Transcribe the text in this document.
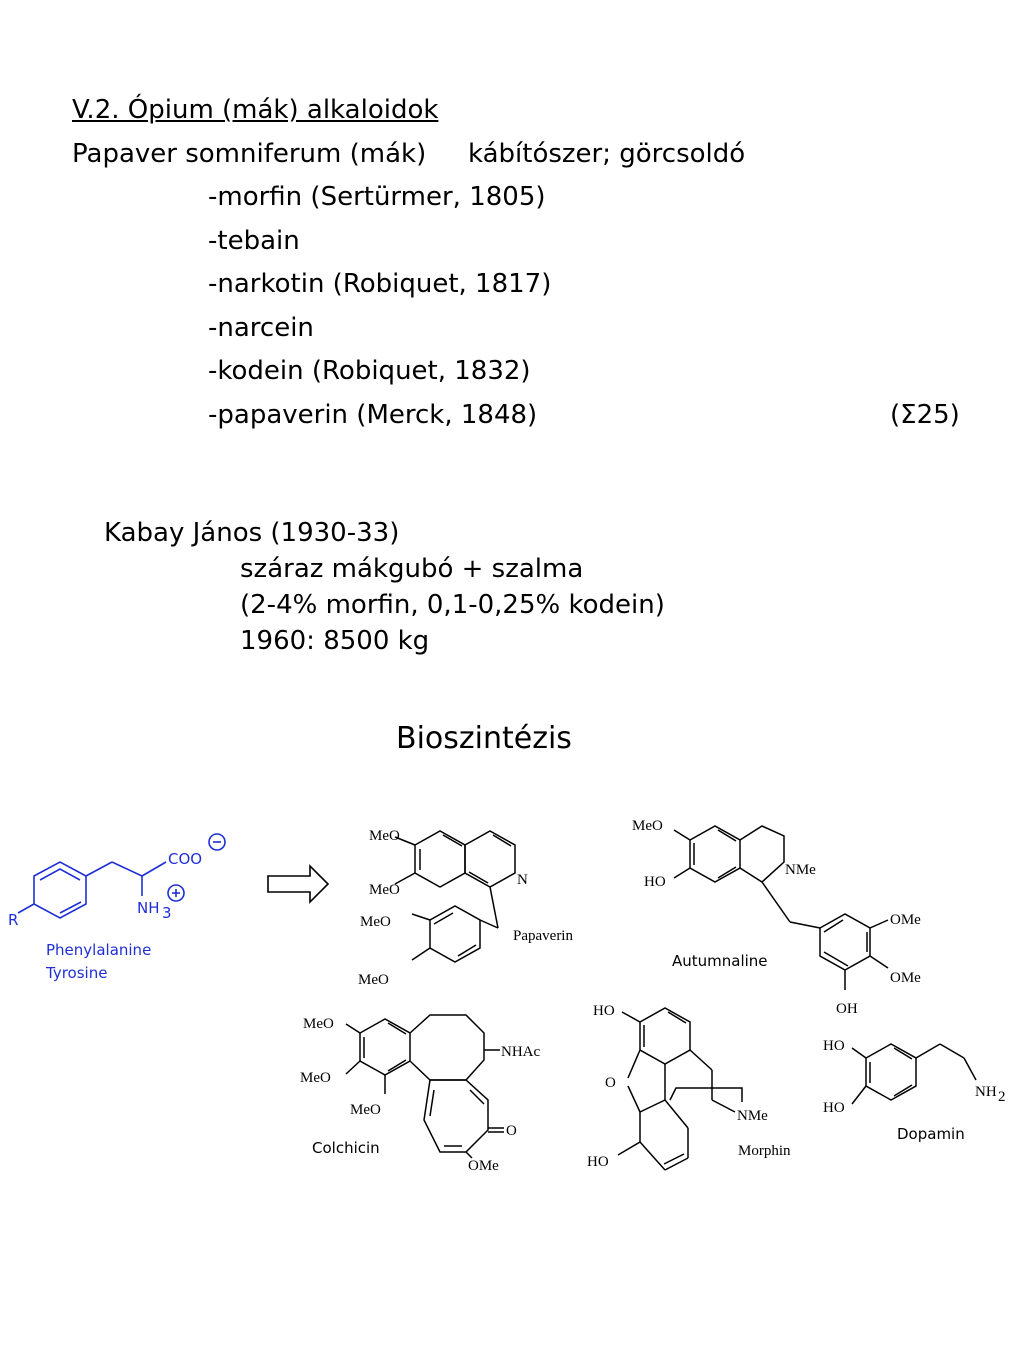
V.2. Ópium (mák) alkaloidok
Papaver somniferum (mák) kábítószer; görcsoldó
-morfin (Sertürmer, 1805)
-tebain
-narkotin (Robiquet, 1817)
-narcein
-kodein (Robiquet, 1832)
-papaverin (Merck, 1848)	(Σ25)
Kabay János (1930-33)
száraz mákgubó + szalma
(2-4% morfin, 0,1-0,25% kodein)
1960: 8500 kg
Bioszintézis
R
COO
NH 3
Phenylalanine
Tyrosine
MeO
MeO
MeO
MeO
N
Papaverin
MeO
HO
NMe
OMe
OMe
OH
Autumnaline
MeO
MeO
MeO
NHAc
O
OMe
Colchicin
HO
O
HO
NMe
Morphin
HO
HO
NH 2
Dopamin
